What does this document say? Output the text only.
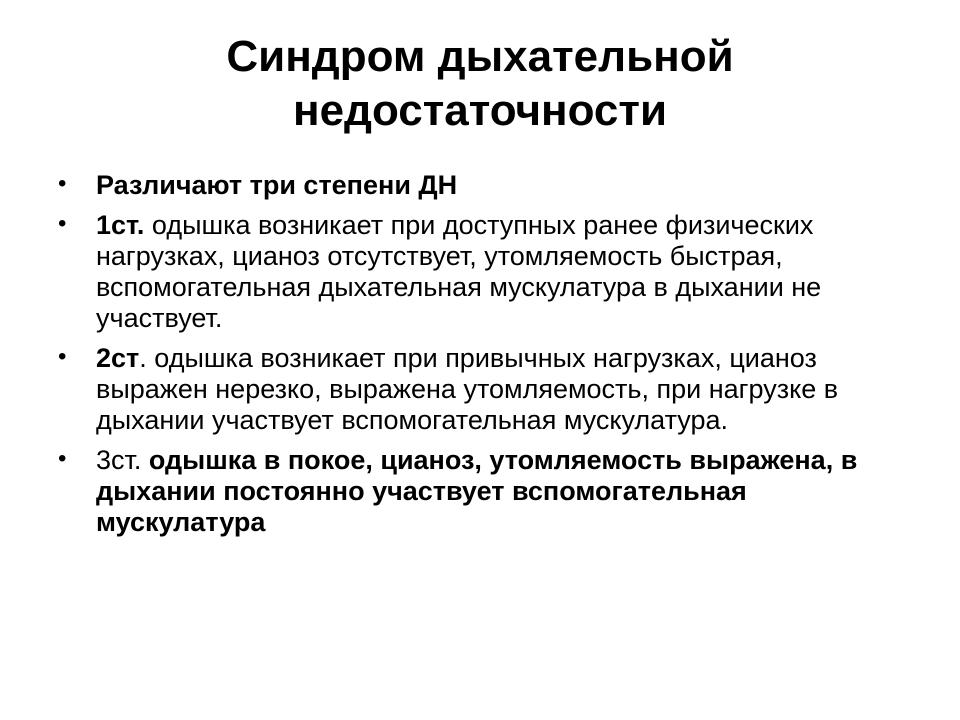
Синдром дыхательной
недостаточности
• Различают три степени ДН
• 1ст. одышка возникает при доступных ранее физических нагрузках, цианоз отсутствует, утомляемость быстрая, вспомогательная дыхательная мускулатура в дыхании не участвует.
• 2ст. одышка возникает при привычных нагрузках, цианоз выражен нерезко, выражена утомляемость, при нагрузке в дыхании участвует вспомогательная мускулатура.
• 3ст. одышка в покое, цианоз, утомляемость выражена, в дыхании постоянно участвует вспомогательная мускулатура
